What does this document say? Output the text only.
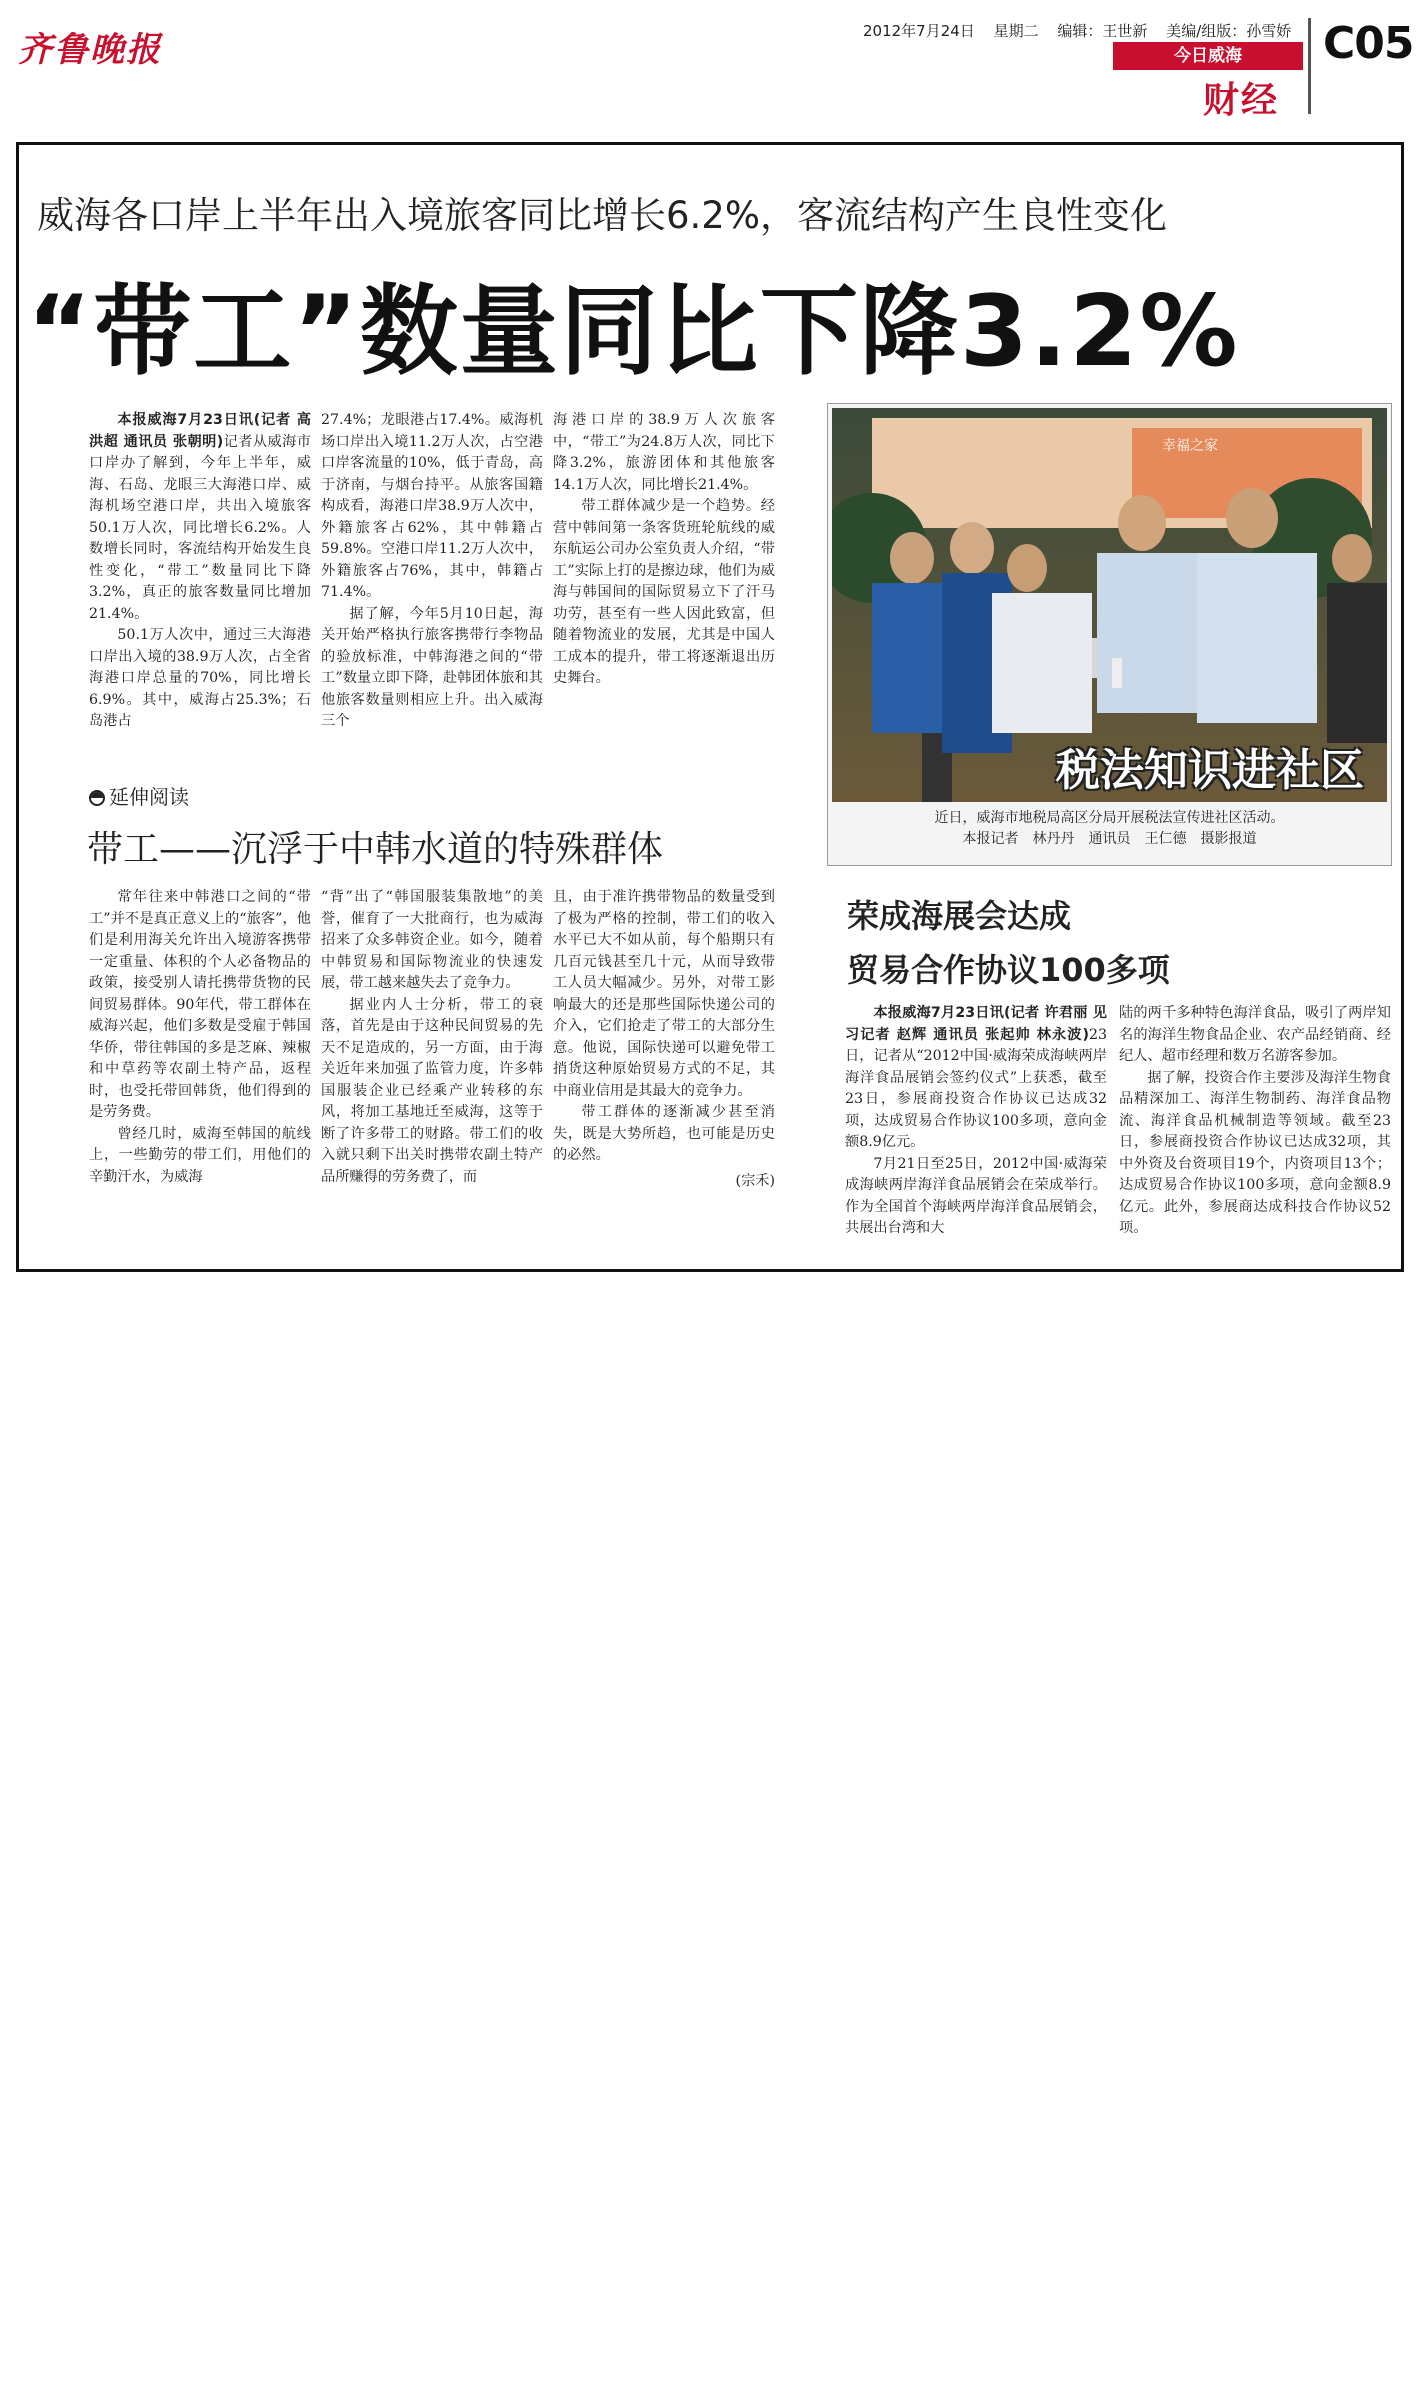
齐鲁晚报	2012年7月24日 星期二 编辑：王世新 美编/组版：孙雪娇
今日威海
财经
C05
威海各口岸上半年出入境旅客同比增长6.2%，客流结构产生良性变化
“带工”数量同比下降3.2%

本报威海7月23日讯(记者 高洪超 通讯员 张朝明)记者从威海市口岸办了解到，今年上半年，威海、石岛、龙眼三大海港口岸、威海机场空港口岸，共出入境旅客50.1万人次，同比增长6.2%。人数增长同时，客流结构开始发生良性变化，“带工”数量同比下降3.2%，真正的旅客数量同比增加21.4%。

50.1万人次中，通过三大海港口岸出入境的38.9万人次，占全省海港口岸总量的70%，同比增长6.9%。其中，威海占25.3%；石岛港占

27.4%；龙眼港占17.4%。威海机场口岸出入境11.2万人次，占空港口岸客流量的10%，低于青岛，高于济南，与烟台持平。从旅客国籍构成看，海港口岸38.9万人次中，外籍旅客占62%，其中韩籍占59.8%。空港口岸11.2万人次中，外籍旅客占76%，其中，韩籍占71.4%。

据了解，今年5月10日起，海关开始严格执行旅客携带行李物品的验放标准，中韩海港之间的“带工”数量立即下降，赴韩团体旅和其他旅客数量则相应上升。出入威海三个

海港口岸的38.9万人次旅客中，“带工”为24.8万人次，同比下降3.2%，旅游团体和其他旅客14.1万人次，同比增长21.4%。

带工群体减少是一个趋势。经营中韩间第一条客货班轮航线的威东航运公司办公室负责人介绍，“带工”实际上打的是擦边球，他们为威海与韩国间的国际贸易立下了汗马功劳，甚至有一些人因此致富，但随着物流业的发展，尤其是中国人工成本的提升，带工将逐渐退出历史舞台。

幸福之家
税法知识进社区
近日，威海市地税局高区分局开展税法宣传进社区活动。
本报记者　林丹丹　通讯员　王仁德　摄影报道
延伸阅读
带工——沉浮于中韩水道的特殊群体

常年往来中韩港口之间的“带工”并不是真正意义上的“旅客”，他们是利用海关允许出入境游客携带一定重量、体积的个人必备物品的政策，接受别人请托携带货物的民间贸易群体。90年代，带工群体在威海兴起，他们多数是受雇于韩国华侨，带往韩国的多是芝麻、辣椒和中草药等农副土特产品，返程时，也受托带回韩货，他们得到的是劳务费。

曾经几时，威海至韩国的航线上，一些勤劳的带工们，用他们的辛勤汗水，为威海

“背”出了“韩国服装集散地”的美誉，催育了一大批商行，也为威海招来了众多韩资企业。如今，随着中韩贸易和国际物流业的快速发展，带工越来越失去了竞争力。

据业内人士分析，带工的衰落，首先是由于这种民间贸易的先天不足造成的，另一方面，由于海关近年来加强了监管力度，许多韩国服装企业已经乘产业转移的东风，将加工基地迁至威海，这等于断了许多带工的财路。带工们的收入就只剩下出关时携带农副土特产品所赚得的劳务费了，而

且，由于准许携带物品的数量受到了极为严格的控制，带工们的收入水平已大不如从前，每个船期只有几百元钱甚至几十元，从而导致带工人员大幅减少。另外，对带工影响最大的还是那些国际快递公司的介入，它们抢走了带工的大部分生意。他说，国际快递可以避免带工捎货这种原始贸易方式的不足，其中商业信用是其最大的竞争力。

带工群体的逐渐减少甚至消失，既是大势所趋，也可能是历史的必然。

(宗禾)
荣成海展会达成
贸易合作协议100多项

本报威海7月23日讯(记者 许君丽 见习记者 赵辉 通讯员 张起帅 林永波)23日，记者从“2012中国·威海荣成海峡两岸海洋食品展销会签约仪式”上获悉，截至23日，参展商投资合作协议已达成32项，达成贸易合作协议100多项，意向金额8.9亿元。

7月21日至25日，2012中国·威海荣成海峡两岸海洋食品展销会在荣成举行。作为全国首个海峡两岸海洋食品展销会，共展出台湾和大

陆的两千多种特色海洋食品，吸引了两岸知名的海洋生物食品企业、农产品经销商、经纪人、超市经理和数万名游客参加。

据了解，投资合作主要涉及海洋生物食品精深加工、海洋生物制药、海洋食品物流、海洋食品机械制造等领域。截至23日，参展商投资合作协议已达成32项，其中外资及台资项目19个，内资项目13个；达成贸易合作协议100多项，意向金额8.9亿元。此外，参展商达成科技合作协议52项。
